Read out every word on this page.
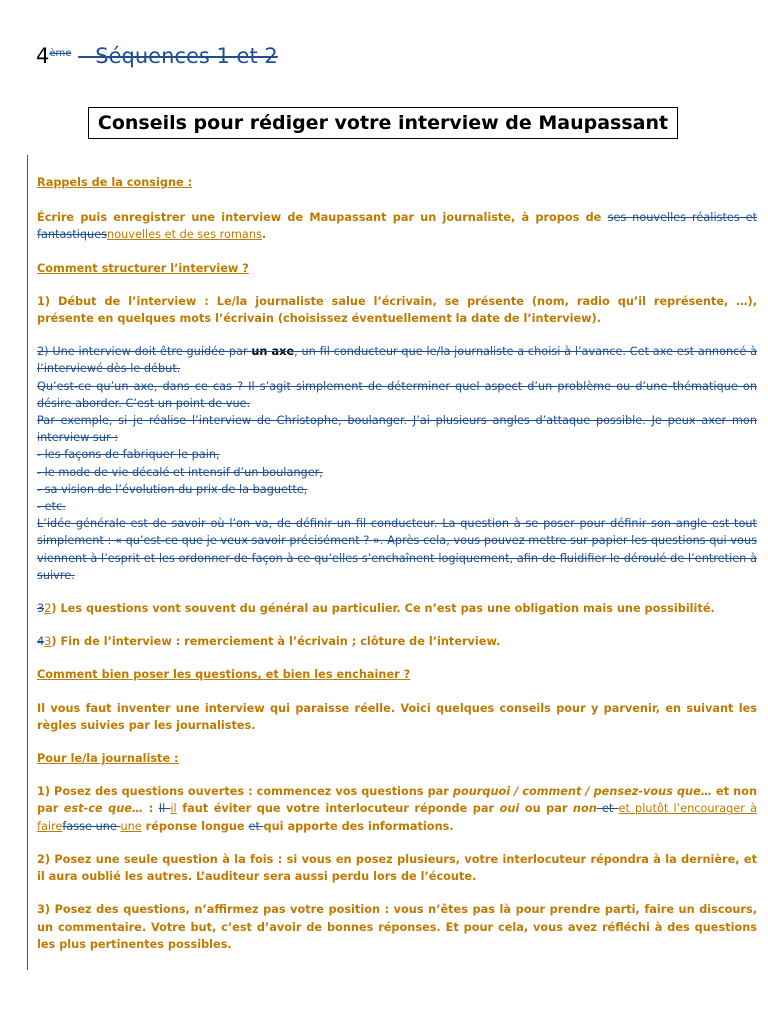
4ème – Séquences 1 et 2
Conseils pour rédiger votre interview de Maupassant

Rappels de la consigne :

Écrire puis enregistrer une interview de Maupassant par un journaliste, à propos de ses nouvelles réalistes et fantastiquesnouvelles et de ses romans.

Comment structurer l’interview ?

1) Début de l’interview : Le/la journaliste salue l’écrivain, se présente (nom, radio qu’il représente, …), présente en quelques mots l’écrivain (choisissez éventuellement la date de l’interview).

2) Une interview doit être guidée par un axe, un fil conducteur que le/la journaliste a choisi à l’avance. Cet axe est annoncé à l’interviewé dès le début.
Qu’est-ce qu’un axe, dans ce cas ? Il s’agit simplement de déterminer quel aspect d’un problème ou d’une thématique on désire aborder. C’est un point de vue.
Par exemple, si je réalise l’interview de Christophe, boulanger. J’ai plusieurs angles d’attaque possible. Je peux axer mon interview sur :
- les façons de fabriquer le pain,
- le mode de vie décalé et intensif d’un boulanger,
- sa vision de l’évolution du prix de la baguette,
- etc.
L’idée générale est de savoir où l’on va, de définir un fil conducteur. La question à se poser pour définir son angle est tout simplement : « qu’est-ce que je veux savoir précisément ? ». Après cela, vous pouvez mettre sur papier les questions qui vous viennent à l’esprit et les ordonner de façon à ce qu’elles s’enchaînent logiquement, afin de fluidifier le déroulé de l’entretien à suivre.

32) Les questions vont souvent du général au particulier. Ce n’est pas une obligation mais une possibilité.

43) Fin de l’interview : remerciement à l’écrivain ; clôture de l’interview.

Comment bien poser les questions, et bien les enchainer ?

Il vous faut inventer une interview qui paraisse réelle. Voici quelques conseils pour y parvenir, en suivant les règles suivies par les journalistes.

Pour le/la journaliste :

1) Posez des questions ouvertes : commencez vos questions par pourquoi / comment / pensez-vous que… et non par est-ce que… : Il il faut éviter que votre interlocuteur réponde par oui ou par non et et plutôt l’encourager à fairefasse une une réponse longue et qui apporte des informations.

2) Posez une seule question à la fois : si vous en posez plusieurs, votre interlocuteur répondra à la dernière, et il aura oublié les autres. L’auditeur sera aussi perdu lors de l’écoute.

3) Posez des questions, n’affirmez pas votre position : vous n’êtes pas là pour prendre parti, faire un discours, un commentaire. Votre but, c’est d’avoir de bonnes réponses. Et pour cela, vous avez réfléchi à des questions les plus pertinentes possibles.
